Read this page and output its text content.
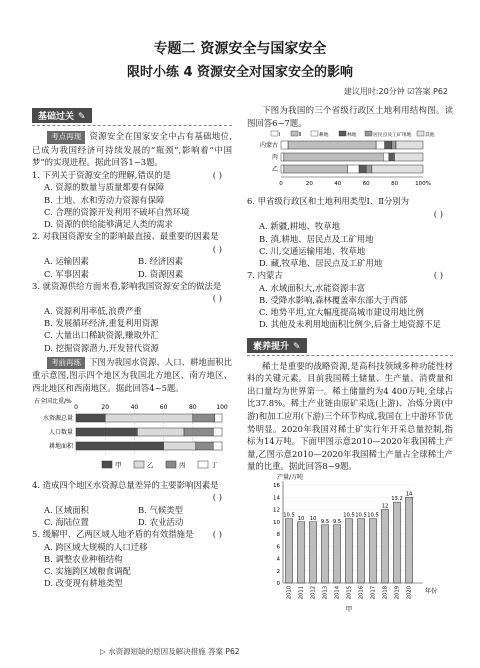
专题二 资源安全与国家安全
限时小练 4 资源安全对国家安全的影响
建议用时:20分钟 ☑答案 P62
基础过关 ✎

考点再现 资源安全在国家安全中占有基础地位,已成为我国经济可持续发展的“瓶颈”,影响着“中国梦”的实现进程。据此回答1~3题。

1. 下列关于资源安全的理解,错误的是	( )
A. 资源的数量与质量都要有保障
B. 土地、水和劳动力资源有保障
C. 合理的资源开发利用不破坏自然环境
D. 资源的供给能够满足人类的需求
2. 对我国资源安全的影响最直接、最重要的因素是
( )
A. 运输因素	B. 经济因素
C. 军事因素	D. 资源因素
3. 就资源供给方面来看,影响我国资源安全的做法是
( )
A. 资源利用率低,浪费严重
B. 发展循环经济,重复利用资源
C. 大量出口稀缺资源,赚取外汇
D. 挖掘资源潜力,开发替代资源

考前再练 下图为我国水资源、人口、耕地面积比重示意图,图示四个地区为我国北方地区、南方地区、西北地区和西南地区。据此回答4~5题。

占全国比重/%
0	20	40	60	80	100
水资源总量
人口数量
耕地面积
甲	乙	丙	丁
4. 造成四个地区水资源总量差异的主要影响因素是
( )
A. 区域面积	B. 气候类型
C. 海陆位置	D. 农业活动
5. 缓解甲、乙两区域人地矛盾的有效措施是 ( )
A. 跨区域大规模的人口迁移
B. 调整农业种植结构
C. 实施跨区域粮食调配
D. 改变现有耕地类型
▷ 水资源短缺的原因及解决措施 答案 P62

下图为我国的三个省级行政区土地利用结构图。读图回答6~7题。

Ⅰ	Ⅱ	耕地	林地	居民点及工矿用地	其他
内蒙古
丙
乙
0	20	40	60	80	100%
6. 甲省级行政区和土地利用类型Ⅰ、Ⅱ分别为
( )
A. 新疆,耕地、牧草地
B. 滇,耕地、居民点及工矿用地
C. 川,交通运输用地、牧草地
D. 藏,牧草地、居民点及工矿用地
7. 内蒙古	( )
A. 水域面积大,水能资源丰富
B. 受降水影响,森林覆盖率东部大于西部
C. 地势平坦,宜大幅度提高城市建设用地比例
D. 其他及未利用地面积比例少,后备土地资源不足
素养提升 ✎

稀土是重要的战略资源,是高科技领域多种功能性材料的关键元素。目前我国稀土储量、生产量、消费量和出口量均为世界第一。稀土储量约为4 400万吨,全球占比37.8%。稀土产业链由原矿采选(上游)、冶炼分离(中游)和加工应用(下游)三个环节构成,我国在上中游环节优势明显。2020年我国对稀土矿实行年开采总量控制,指标为14万吨。下面甲图示意2010—2020年我国稀土产量,乙图示意2010—2020年我国稀土产量占全球稀土产量的比重。据此回答8~9题。

产量/万吨
0
2
4
6
8
10
12
14
16
10.5
2010
10
2011
10
2012
9.5
2013
9.5
2014
10.5
2015
10.5
2016
10.5
2017
12
2018
13.2
2019
14
2020 年份
甲
